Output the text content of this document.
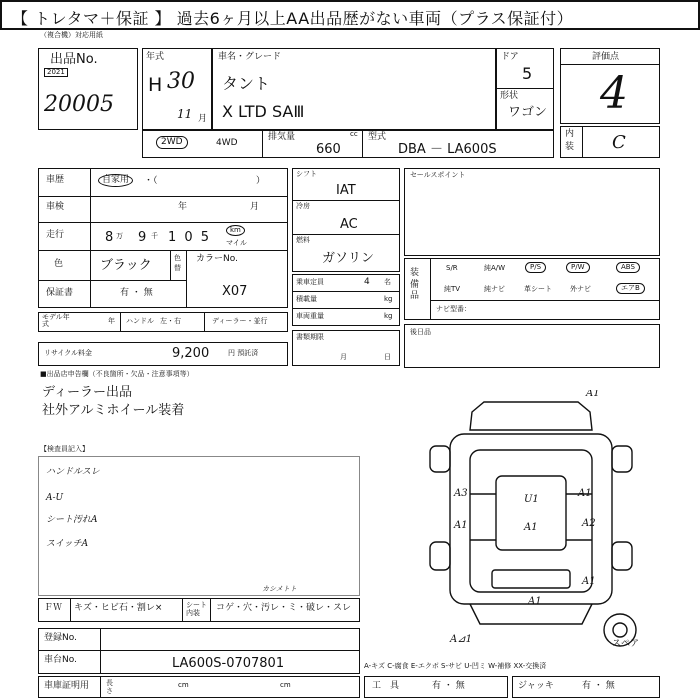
【 トレタマ＋保証 】 過去6ヶ月以上AA出品歴がない車両（プラス保証付）
（複合機）対応用紙
出品No.
2021
20005
年式
H 30
11 月
車名・グレード
タント
X LTD SAⅢ
ドア
5
形状
ワゴン
評価点
4
内装 C
2WD	4WD
排気量	cc
660
型式
DBA － LA600S
車歴	自家用	・（	）
車検	年	月
走行	8 万 9 千 1 0 5	km
マイル
色	ブラック	色替
カラーNo.
X07
保証書	有 ・ 無
モデル年式	年 ハンドル 左・右	ディーラー・並行
リサイクル料金	9,200	円 預託済
シフト
IAT
冷房
AC
燃料
ガソリン
乗車定員	4 名
積載量	kg
車両重量	kg
書類期限
月	日
セールスポイント
装備品
S/R	純A/W	P/S	P/W	ABS
純TV	純ナビ	革シート	外ナビ	エアB
ナビ型番：
後日品
■出品店申告欄（不良箇所・欠品・注意事項等）
ディーラー出品
社外アルミホイール装着
【検査員記入】
ハンドルスレ
A-U
シート汚れA
スイッチA
A3
U1
A1
A1	A1	A2
A1
A1
A1
A⊿1
カシメトト
スペア
ＦＷ キズ・ヒビ石・割レ×	シート内装
コゲ・穴・汚レ・ミ・破レ・スレ
登録No.
車台No.	LA600S-0707801
車庫証明用 長さ
cm	cm
A-キズ C-腐食 E-エクボ S-サビ U-凹ミ W-補修 XX-交換済
工　具	有 ・ 無	ジャッキ	有 ・ 無
